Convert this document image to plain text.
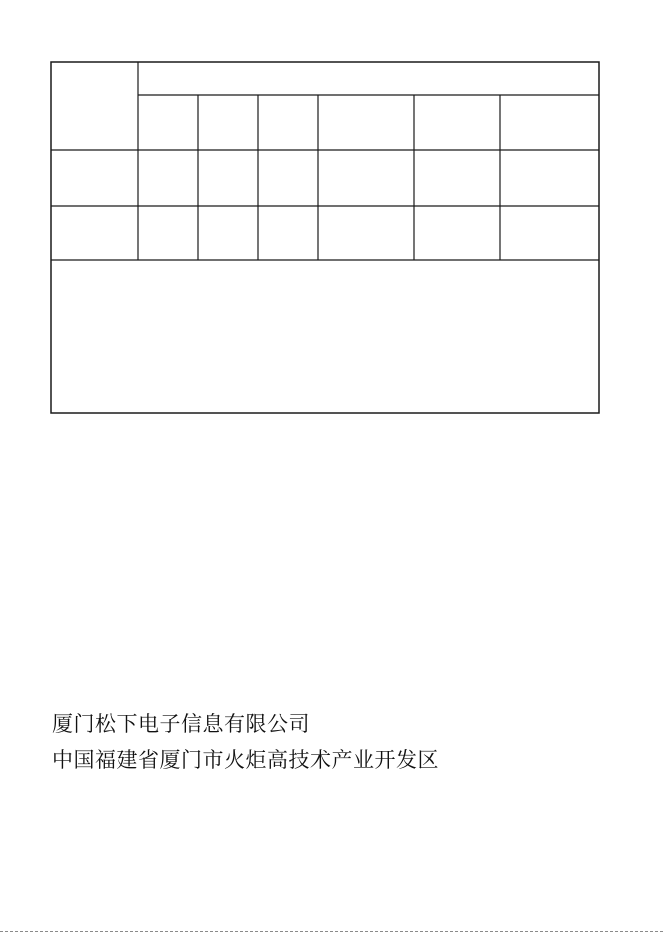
厦门松下电子信息有限公司
中国福建省厦门市火炬高技术产业开发区
